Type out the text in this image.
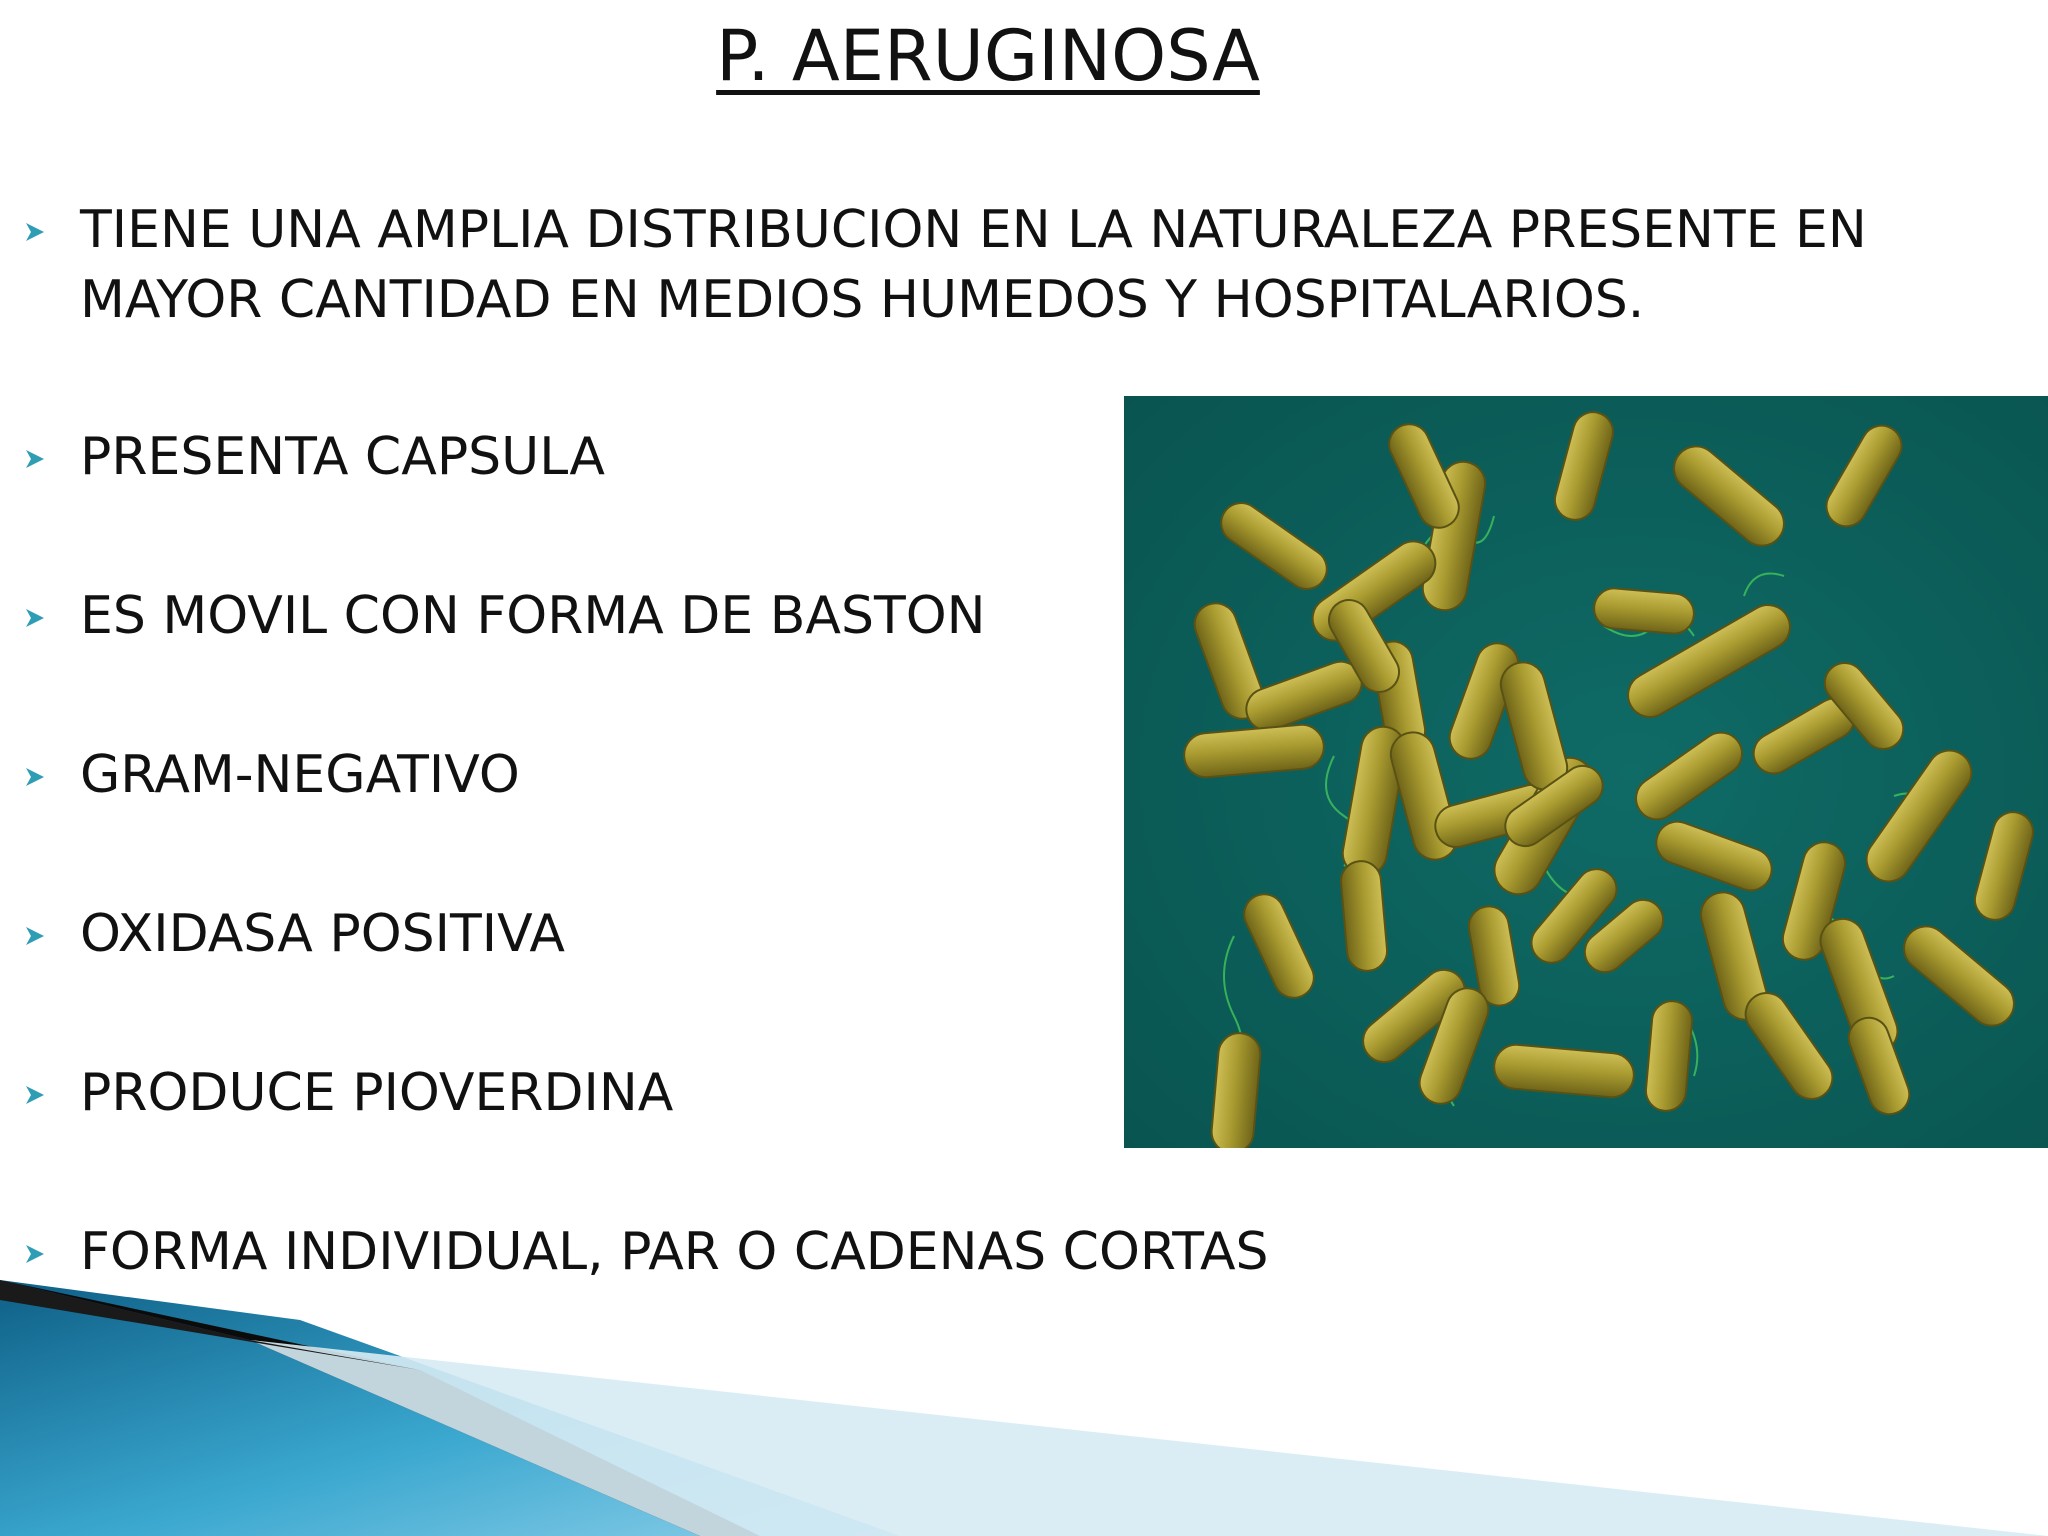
P. AERUGINOSA
TIENE UNA AMPLIA DISTRIBUCION EN LA NATURALEZA PRESENTE EN MAYOR CANTIDAD EN MEDIOS HUMEDOS Y HOSPITALARIOS.
PRESENTA CAPSULA
ES MOVIL CON FORMA DE BASTON
GRAM-NEGATIVO
OXIDASA POSITIVA
PRODUCE PIOVERDINA
FORMA INDIVIDUAL, PAR O CADENAS CORTAS
